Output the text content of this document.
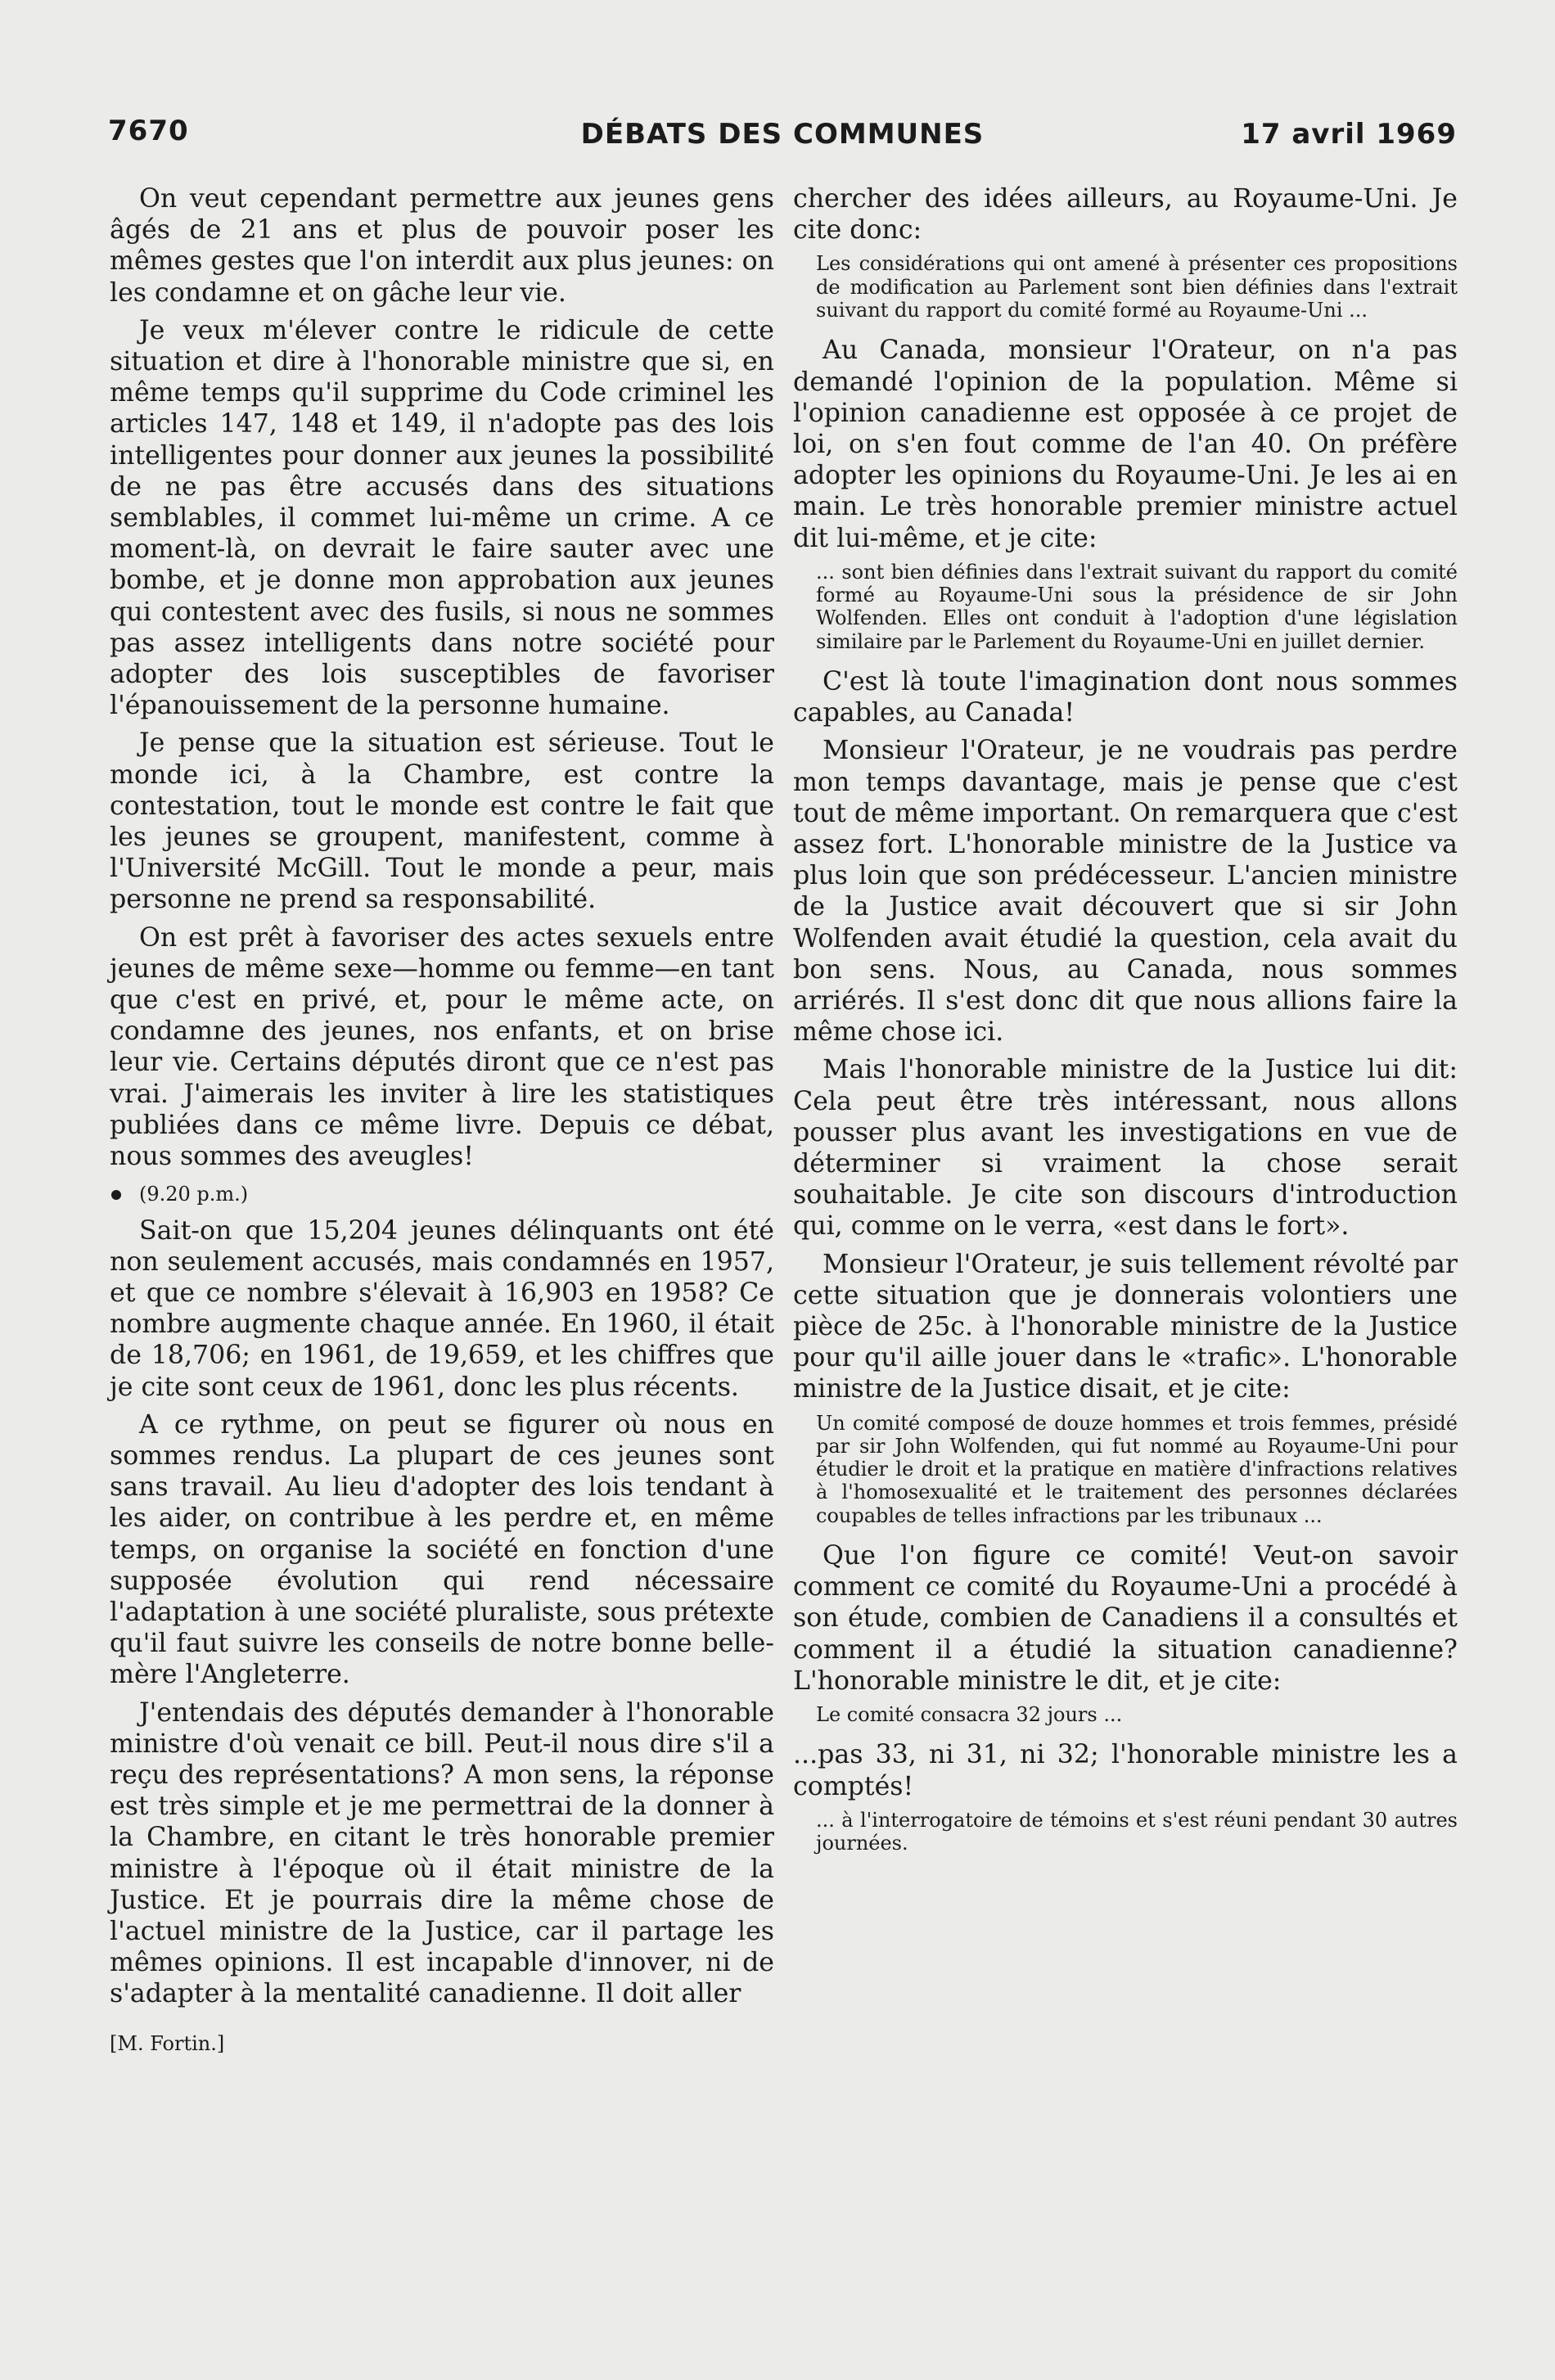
7670	DÉBATS DES COMMUNES	17 avril 1969

On veut cependant permettre aux jeunes gens âgés de 21 ans et plus de pouvoir poser les mêmes gestes que l'on interdit aux plus jeunes: on les condamne et on gâche leur vie.

Je veux m'élever contre le ridicule de cette situation et dire à l'honorable ministre que si, en même temps qu'il supprime du Code criminel les articles 147, 148 et 149, il n'adopte pas des lois intelligentes pour donner aux jeunes la possibilité de ne pas être accusés dans des situations semblables, il commet lui-même un crime. A ce moment-là, on devrait le faire sauter avec une bombe, et je donne mon approbation aux jeunes qui contestent avec des fusils, si nous ne sommes pas assez intelligents dans notre société pour adopter des lois susceptibles de favoriser l'épanouissement de la personne humaine.

Je pense que la situation est sérieuse. Tout le monde ici, à la Chambre, est contre la contestation, tout le monde est contre le fait que les jeunes se groupent, manifestent, comme à l'Université McGill. Tout le monde a peur, mais personne ne prend sa responsabilité.

On est prêt à favoriser des actes sexuels entre jeunes de même sexe—homme ou femme—en tant que c'est en privé, et, pour le même acte, on condamne des jeunes, nos enfants, et on brise leur vie. Certains députés diront que ce n'est pas vrai. J'aimerais les inviter à lire les statistiques publiées dans ce même livre. Depuis ce débat, nous sommes des aveugles!

(9.20 p.m.)

Sait-on que 15,204 jeunes délinquants ont été non seulement accusés, mais condamnés en 1957, et que ce nombre s'élevait à 16,903 en 1958? Ce nombre augmente chaque année. En 1960, il était de 18,706; en 1961, de 19,659, et les chiffres que je cite sont ceux de 1961, donc les plus récents.

A ce rythme, on peut se figurer où nous en sommes rendus. La plupart de ces jeunes sont sans travail. Au lieu d'adopter des lois tendant à les aider, on contribue à les perdre et, en même temps, on organise la société en fonction d'une supposée évolution qui rend nécessaire l'adaptation à une société pluraliste, sous prétexte qu'il faut suivre les conseils de notre bonne belle-mère l'Angleterre.

J'entendais des députés demander à l'honorable ministre d'où venait ce bill. Peut-il nous dire s'il a reçu des représentations? A mon sens, la réponse est très simple et je me permettrai de la donner à la Chambre, en citant le très honorable premier ministre à l'époque où il était ministre de la Justice. Et je pourrais dire la même chose de l'actuel ministre de la Justice, car il partage les mêmes opinions. Il est incapable d'innover, ni de s'adapter à la mentalité canadienne. Il doit aller

[M. Fortin.]

chercher des idées ailleurs, au Royaume-Uni. Je cite donc:

Les considérations qui ont amené à présenter ces propositions de modification au Parlement sont bien définies dans l'extrait suivant du rapport du comité formé au Royaume-Uni ...

Au Canada, monsieur l'Orateur, on n'a pas demandé l'opinion de la population. Même si l'opinion canadienne est opposée à ce projet de loi, on s'en fout comme de l'an 40. On préfère adopter les opinions du Royaume-Uni. Je les ai en main. Le très honorable premier ministre actuel dit lui-même, et je cite:

... sont bien définies dans l'extrait suivant du rapport du comité formé au Royaume-Uni sous la présidence de sir John Wolfenden. Elles ont conduit à l'adoption d'une législation similaire par le Parlement du Royaume-Uni en juillet dernier.

C'est là toute l'imagination dont nous sommes capables, au Canada!

Monsieur l'Orateur, je ne voudrais pas perdre mon temps davantage, mais je pense que c'est tout de même important. On remarquera que c'est assez fort. L'honorable ministre de la Justice va plus loin que son prédécesseur. L'ancien ministre de la Justice avait découvert que si sir John Wolfenden avait étudié la question, cela avait du bon sens. Nous, au Canada, nous sommes arriérés. Il s'est donc dit que nous allions faire la même chose ici.

Mais l'honorable ministre de la Justice lui dit: Cela peut être très intéressant, nous allons pousser plus avant les investigations en vue de déterminer si vraiment la chose serait souhaitable. Je cite son discours d'introduction qui, comme on le verra, «est dans le fort».

Monsieur l'Orateur, je suis tellement révolté par cette situation que je donnerais volontiers une pièce de 25c. à l'honorable ministre de la Justice pour qu'il aille jouer dans le «trafic». L'honorable ministre de la Justice disait, et je cite:

Un comité composé de douze hommes et trois femmes, présidé par sir John Wolfenden, qui fut nommé au Royaume-Uni pour étudier le droit et la pratique en matière d'infractions relatives à l'homosexualité et le traitement des personnes déclarées coupables de telles infractions par les tribunaux ...

Que l'on figure ce comité! Veut-on savoir comment ce comité du Royaume-Uni a procédé à son étude, combien de Canadiens il a consultés et comment il a étudié la situation canadienne? L'honorable ministre le dit, et je cite:

Le comité consacra 32 jours ...

...pas 33, ni 31, ni 32; l'honorable ministre les a comptés!

... à l'interrogatoire de témoins et s'est réuni pendant 30 autres journées.
